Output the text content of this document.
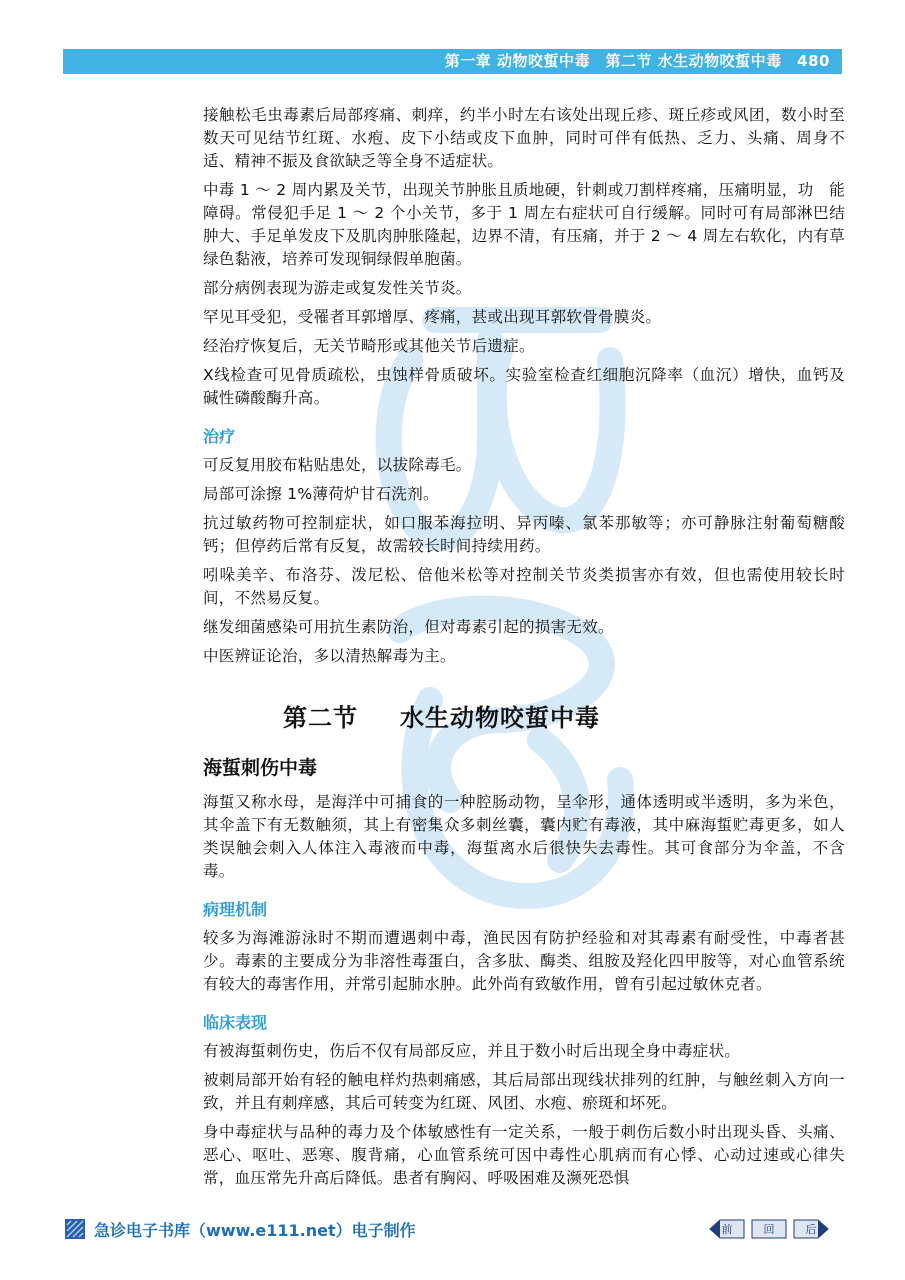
第一章 动物咬蜇中毒　第二节 水生动物咬蜇中毒　480

接触松毛虫毒素后局部疼痛、刺痒，约半小时左右该处出现丘疹、斑丘疹或风团，数小时至数天可见结节红斑、水疱、皮下小结或皮下血肿，同时可伴有低热、乏力、头痛、周身不适、精神不振及食欲缺乏等全身不适症状。

中毒 1 ～ 2 周内累及关节，出现关节肿胀且质地硬，针刺或刀割样疼痛，压痛明显，功　能障碍。常侵犯手足 1 ～ 2 个小关节，多于 1 周左右症状可自行缓解。同时可有局部淋巴结　肿大、手足单发皮下及肌肉肿胀隆起，边界不清，有压痛，并于 2 ～ 4 周左右软化，内有草绿色黏液，培养可发现铜绿假单胞菌。

部分病例表现为游走或复发性关节炎。

罕见耳受犯，受罹者耳郭增厚、疼痛，甚或出现耳郭软骨骨膜炎。

经治疗恢复后，无关节畸形或其他关节后遗症。

X线检查可见骨质疏松，虫蚀样骨质破坏。实验室检查红细胞沉降率（血沉）增快，血钙及碱性磷酸酶升高。

治疗

可反复用胶布粘贴患处，以拔除毒毛。

局部可涂擦 1%薄荷炉甘石洗剂。

抗过敏药物可控制症状，如口服苯海拉明、异丙嗪、氯苯那敏等；亦可静脉注射葡萄糖酸钙；但停药后常有反复，故需较长时间持续用药。

吲哚美辛、布洛芬、泼尼松、倍他米松等对控制关节炎类损害亦有效，但也需使用较长时间，不然易反复。

继发细菌感染可用抗生素防治，但对毒素引起的损害无效。

中医辨证论治，多以清热解毒为主。

第二节 水生动物咬蜇中毒
海蜇刺伤中毒

海蜇又称水母，是海洋中可捕食的一种腔肠动物，呈伞形，通体透明或半透明，多为米色，其伞盖下有无数触须，其上有密集众多刺丝囊，囊内贮有毒液，其中麻海蜇贮毒更多，如人类误触会刺入人体注入毒液而中毒，海蜇离水后很快失去毒性。其可食部分为伞盖，不含毒。

病理机制

较多为海滩游泳时不期而遭遇刺中毒，渔民因有防护经验和对其毒素有耐受性，中毒者甚少。毒素的主要成分为非溶性毒蛋白，含多肽、酶类、组胺及羟化四甲胺等，对心血管系统有较大的毒害作用，并常引起肺水肿。此外尚有致敏作用，曾有引起过敏休克者。

临床表现

有被海蜇刺伤史，伤后不仅有局部反应，并且于数小时后出现全身中毒症状。

被刺局部开始有轻的触电样灼热刺痛感，其后局部出现线状排列的红肿，与触丝刺入方向一致，并且有刺痒感，其后可转变为红斑、风团、水疱、瘀斑和坏死。

身中毒症状与品种的毒力及个体敏感性有一定关系，一般于刺伤后数小时出现头昏、头痛、恶心、呕吐、恶寒、腹背痛，心血管系统可因中毒性心肌病而有心悸、心动过速或心律失常，血压常先升高后降低。患者有胸闷、呼吸困难及濒死恐惧

急诊电子书库（www.e111.net）电子制作	前	回	后
